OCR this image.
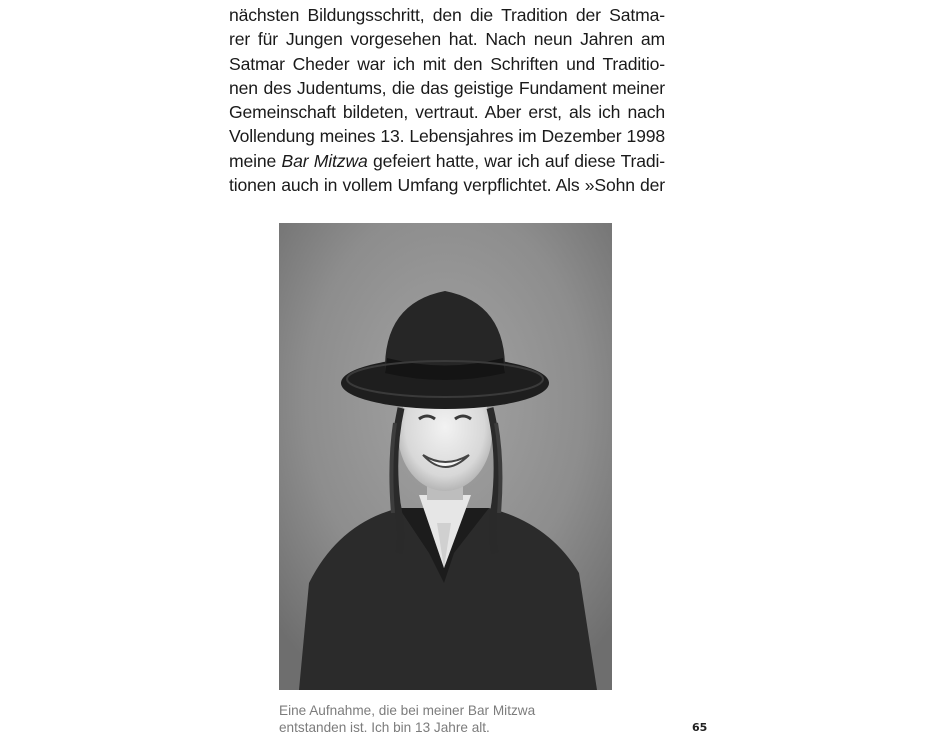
nächsten Bildungsschritt, den die Tradition der Satma-
rer für Jungen vorgesehen hat. Nach neun Jahren am
Satmar Cheder war ich mit den Schriften und Traditio-
nen des Judentums, die das geistige Fundament meiner
Gemeinschaft bildeten, vertraut. Aber erst, als ich nach
Vollendung meines 13. Lebensjahres im Dezember 1998
meine Bar Mitzwa gefeiert hatte, war ich auf diese Tradi-
tionen auch in vollem Umfang verpflichtet. Als »Sohn der

Eine Aufnahme, die bei meiner Bar Mitzwa
entstanden ist. Ich bin 13 Jahre alt.	65
